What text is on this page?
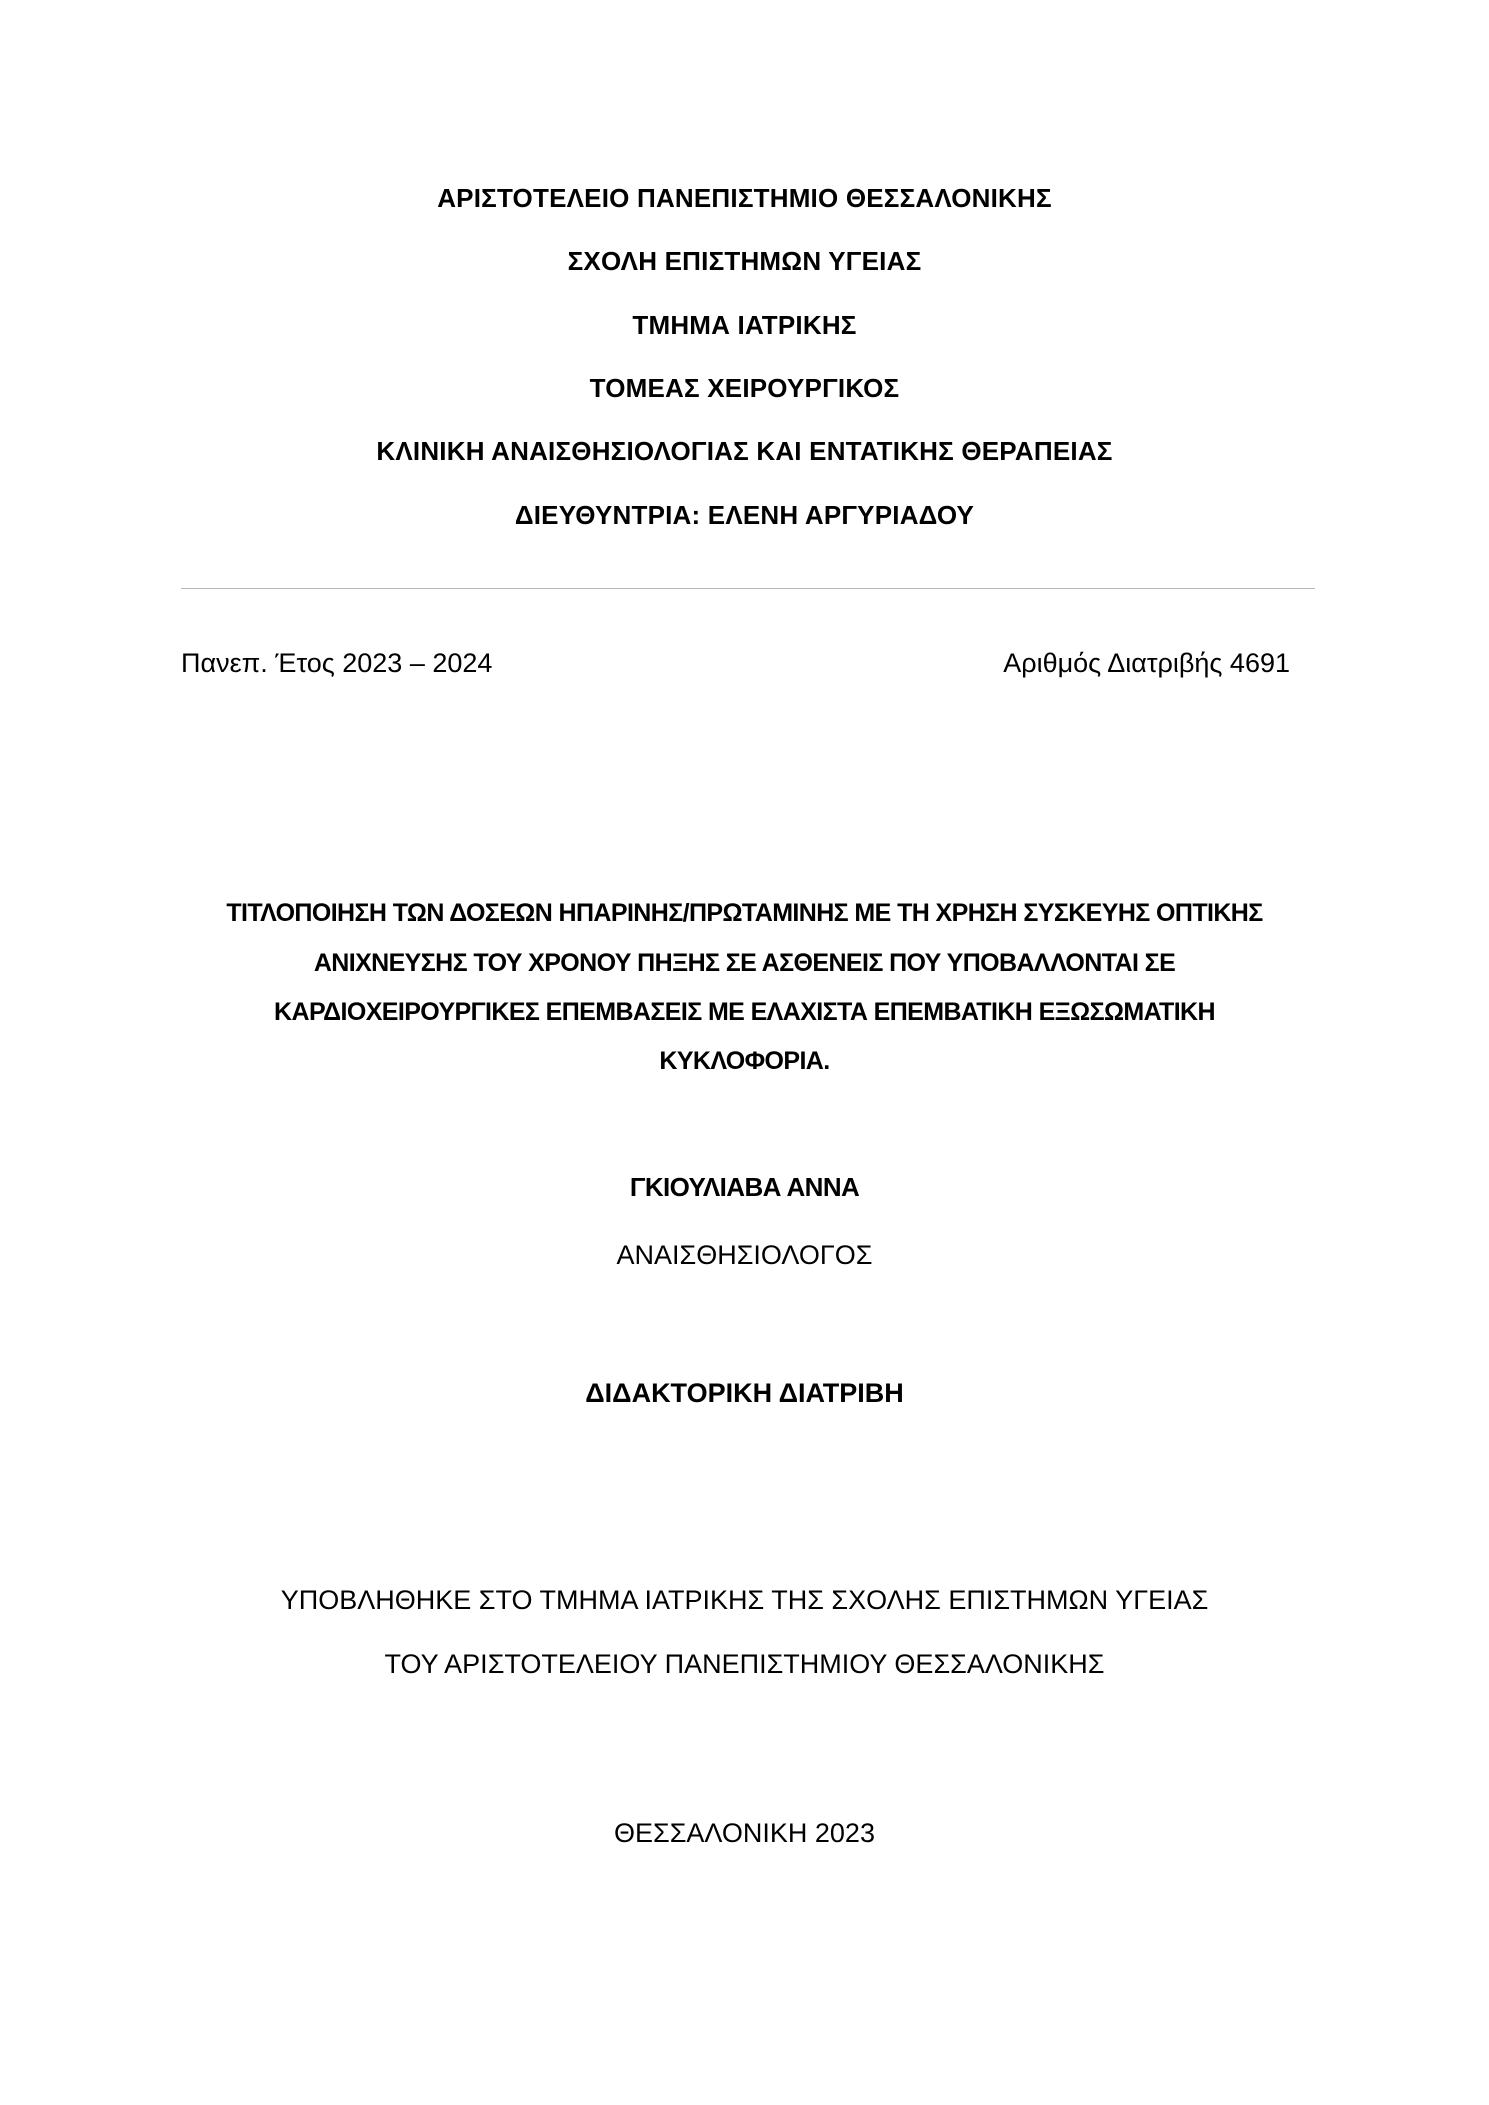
ΑΡΙΣΤΟΤΕΛΕΙΟ ΠΑΝΕΠΙΣΤΗΜΙΟ ΘΕΣΣΑΛΟΝΙΚΗΣ
ΣΧΟΛΗ ΕΠΙΣΤΗΜΩΝ ΥΓΕΙΑΣ
ΤΜΗΜΑ ΙΑΤΡΙΚΗΣ
ΤΟΜΕΑΣ ΧΕΙΡΟΥΡΓΙΚΟΣ
ΚΛΙΝΙΚΗ ΑΝΑΙΣΘΗΣΙΟΛΟΓΙΑΣ ΚΑΙ ΕΝΤΑΤΙΚΗΣ ΘΕΡΑΠΕΙΑΣ
ΔΙΕΥΘΥΝΤΡΙΑ: ΕΛΕΝΗ ΑΡΓΥΡΙΑΔΟΥ
Πανεπ. Έτος 2023 – 2024	Αριθμός Διατριβής 4691
ΤΙΤΛΟΠΟΙΗΣΗ ΤΩΝ ΔΟΣΕΩΝ ΗΠΑΡΙΝΗΣ/ΠΡΩΤΑΜΙΝΗΣ ΜΕ ΤΗ ΧΡΗΣΗ ΣΥΣΚΕΥΗΣ ΟΠΤΙΚΗΣ
ΑΝΙΧΝΕΥΣΗΣ ΤΟΥ ΧΡΟΝΟΥ ΠΗΞΗΣ ΣΕ ΑΣΘΕΝΕΙΣ ΠΟΥ ΥΠΟΒΑΛΛΟΝΤΑΙ ΣΕ
ΚΑΡΔΙΟΧΕΙΡΟΥΡΓΙΚΕΣ ΕΠΕΜΒΑΣΕΙΣ ΜΕ ΕΛΑΧΙΣΤΑ ΕΠΕΜΒΑΤΙΚΗ ΕΞΩΣΩΜΑΤΙΚΗ
ΚΥΚΛΟΦΟΡΙΑ.
ΓΚΙΟΥΛΙΑΒΑ ΑΝΝΑ
ΑΝΑΙΣΘΗΣΙΟΛΟΓΟΣ
ΔΙΔΑΚΤΟΡΙΚΗ ΔΙΑΤΡΙΒΗ
ΥΠΟΒΛΗΘΗΚΕ ΣΤΟ ΤΜΗΜΑ ΙΑΤΡΙΚΗΣ ΤΗΣ ΣΧΟΛΗΣ ΕΠΙΣΤΗΜΩΝ ΥΓΕΙΑΣ
ΤΟΥ ΑΡΙΣΤΟΤΕΛΕΙΟΥ ΠΑΝΕΠΙΣΤΗΜΙΟΥ ΘΕΣΣΑΛΟΝΙΚΗΣ
ΘΕΣΣΑΛΟΝΙΚΗ 2023
